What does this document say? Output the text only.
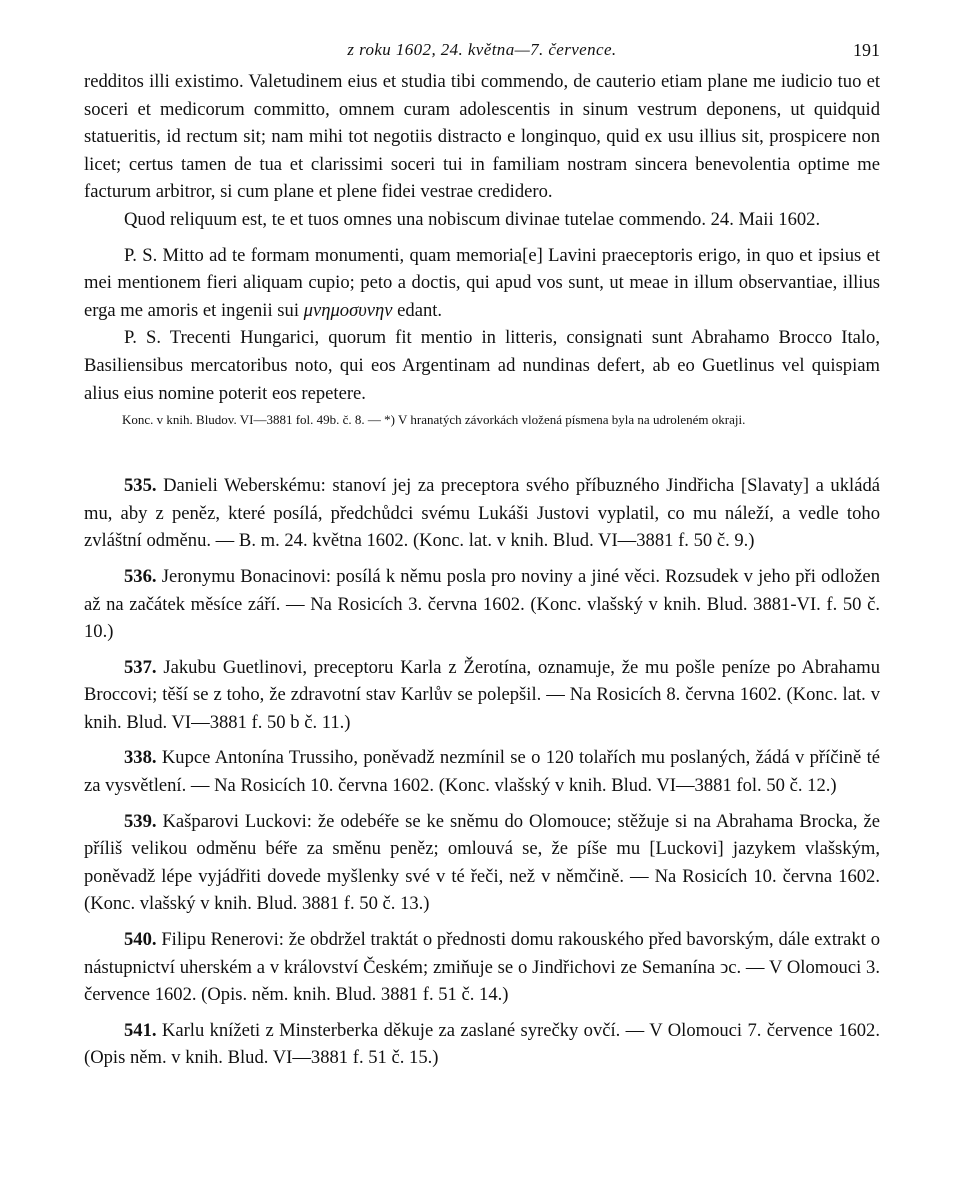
z roku 1602, 24. května—7. července.	191

redditos illi existimo. Valetudinem eius et studia tibi commendo, de cauterio etiam plane me iudicio tuo et soceri et medicorum committo, omnem curam adolescentis in sinum vestrum deponens, ut quidquid statueritis, id rectum sit; nam mihi tot negotiis distracto e longinquo, quid ex usu illius sit, prospicere non licet; certus tamen de tua et clarissimi soceri tui in familiam nostram sincera benevolentia optime me facturum arbitror, si cum plane et plene fidei vestrae credidero.

Quod reliquum est, te et tuos omnes una nobiscum divinae tutelae commendo. 24. Maii 1602.

P. S. Mitto ad te formam monumenti, quam memoria[e] Lavini praeceptoris erigo, in quo et ipsius et mei mentionem fieri aliquam cupio; peto a doctis, qui apud vos sunt, ut meae in illum observantiae, illius erga me amoris et ingenii sui μνημοσυνην edant.

P. S. Trecenti Hungarici, quorum fit mentio in litteris, consignati sunt Abrahamo Brocco Italo, Basiliensibus mercatoribus noto, qui eos Argentinam ad nundinas defert, ab eo Guetlinus vel quispiam alius eius nomine poterit eos repetere.

Konc. v knih. Bludov. VI—3881 fol. 49b. č. 8. — *) V hranatých závorkách vložená písmena byla na udroleném okraji.

535. Danieli Weberskému: stanoví jej za preceptora svého příbuzného Jindřicha [Slavaty] a ukládá mu, aby z peněz, které posílá, předchůdci svému Lukáši Justovi vyplatil, co mu náleží, a vedle toho zvláštní odměnu. — B. m. 24. května 1602. (Konc. lat. v knih. Blud. VI—3881 f. 50 č. 9.)

536. Jeronymu Bonacinovi: posílá k němu posla pro noviny a jiné věci. Rozsudek v jeho při odložen až na začátek měsíce září. — Na Rosicích 3. června 1602. (Konc. vlašský v knih. Blud. 3881-VI. f. 50 č. 10.)

537. Jakubu Guetlinovi, preceptoru Karla z Žerotína, oznamuje, že mu pošle peníze po Abrahamu Broccovi; těší se z toho, že zdravotní stav Karlův se polepšil. — Na Rosicích 8. června 1602. (Konc. lat. v knih. Blud. VI—3881 f. 50 b č. 11.)

338. Kupce Antonína Trussiho, poněvadž nezmínil se o 120 tolařích mu poslaných, žádá v příčině té za vysvětlení. — Na Rosicích 10. června 1602. (Konc. vlašský v knih. Blud. VI—3881 fol. 50 č. 12.)

539. Kašparovi Luckovi: že odebéře se ke sněmu do Olomouce; stěžuje si na Abrahama Brocka, že příliš velikou odměnu béře za směnu peněz; omlouvá se, že píše mu [Luckovi] jazykem vlašským, poněvadž lépe vyjádřiti dovede myšlenky své v té řeči, než v němčině. — Na Rosicích 10. června 1602. (Konc. vlašský v knih. Blud. 3881 f. 50 č. 13.)

540. Filipu Renerovi: že obdržel traktát o přednosti domu rakouského před bavorským, dále extrakt o nástupnictví uherském a v království Českém; zmiňuje se o Jindřichovi ze Semanína ↄc. — V Olomouci 3. července 1602. (Opis. něm. knih. Blud. 3881 f. 51 č. 14.)

541. Karlu knížeti z Minsterberka děkuje za zaslané syrečky ovčí. — V Olomouci 7. července 1602. (Opis něm. v knih. Blud. VI—3881 f. 51 č. 15.)
